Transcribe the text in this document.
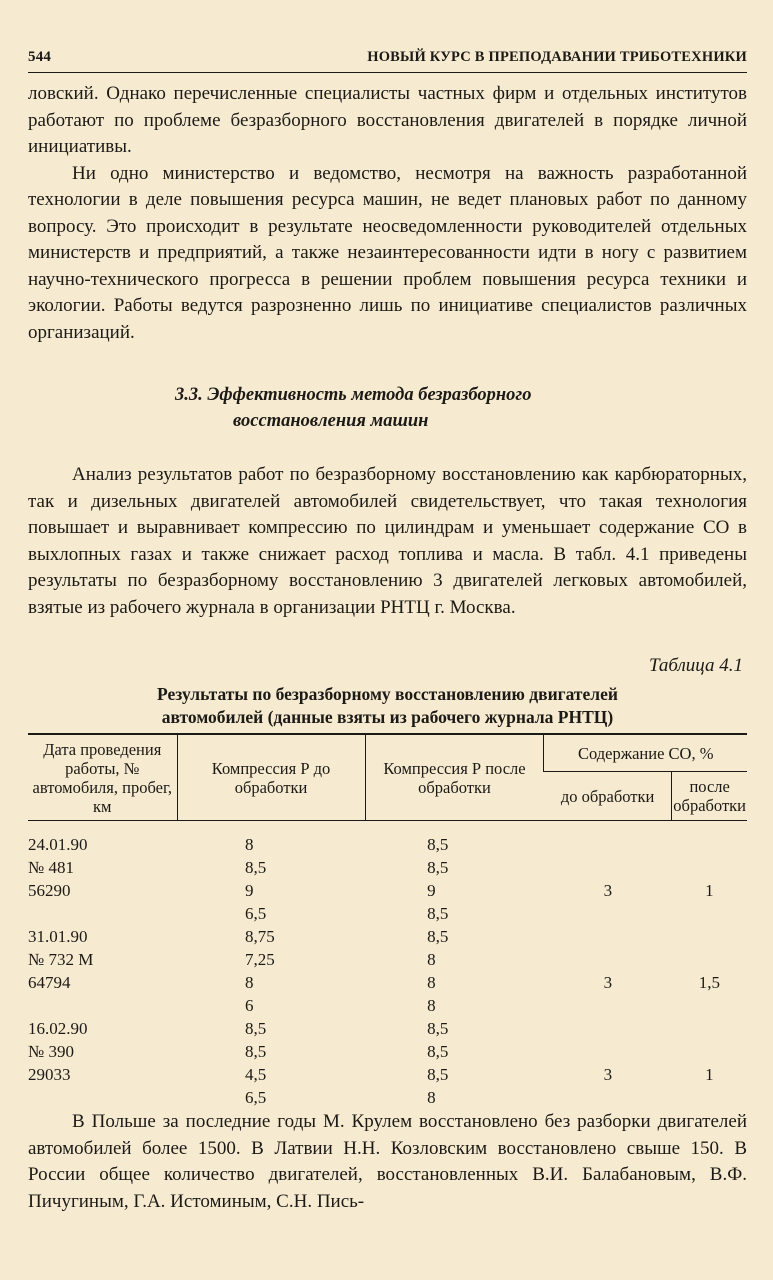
544	НОВЫЙ КУРС В ПРЕПОДАВАНИИ ТРИБОТЕХНИКИ

ловский. Однако перечисленные специалисты частных фирм и отдельных институтов работают по проблеме безразборного восстановления двигателей в порядке личной инициативы.

Ни одно министерство и ведомство, несмотря на важность разработанной технологии в деле повышения ресурса машин, не ведет плановых работ по данному вопросу. Это происходит в результате неосведомленности руководителей отдельных министерств и предприятий, а также незаинтересованности идти в ногу с развитием научно-технического прогресса в решении проблем повышения ресурса техники и экологии. Работы ведутся разрозненно лишь по инициативе специалистов различных организаций.

3.3. Эффективность метода безразборного
восстановления машин

Анализ результатов работ по безразборному восстановлению как карбюраторных, так и дизельных двигателей автомобилей свидетельствует, что такая технология повышает и выравнивает компрессию по цилиндрам и уменьшает содержание СО в выхлопных газах и также снижает расход топлива и масла. В табл. 4.1 приведены результаты по безразборному восстановлению 3 двигателей легковых автомобилей, взятые из рабочего журнала в организации РНТЦ г. Москва.

Таблица 4.1
Результаты по безразборному восстановлению двигателей
автомобилей (данные взяты из рабочего журнала РНТЦ)
Дата проведения работы, № автомобиля, пробег, км	Компрессия Р до обработки	Компрессия Р после обработки	Содержание СО, %	
			до обработки	после обработки

24.01.90	8	8,5		
№ 481	8,5	8,5		
56290	9	9	3	1
	6,5	8,5		
31.01.90	8,75	8,5		
№ 732 М	7,25	8		
64794	8	8	3	1,5
	6	8		
16.02.90	8,5	8,5		
№ 390	8,5	8,5		
29033	4,5	8,5	3	1
	6,5	8		

В Польше за последние годы М. Крулем восстановлено без разборки двигателей автомобилей более 1500. В Латвии Н.Н. Козловским восстановлено свыше 150. В России общее количество двигателей, восстановленных В.И. Балабановым, В.Ф. Пичугиным, Г.А. Истоминым, С.Н. Пись-
